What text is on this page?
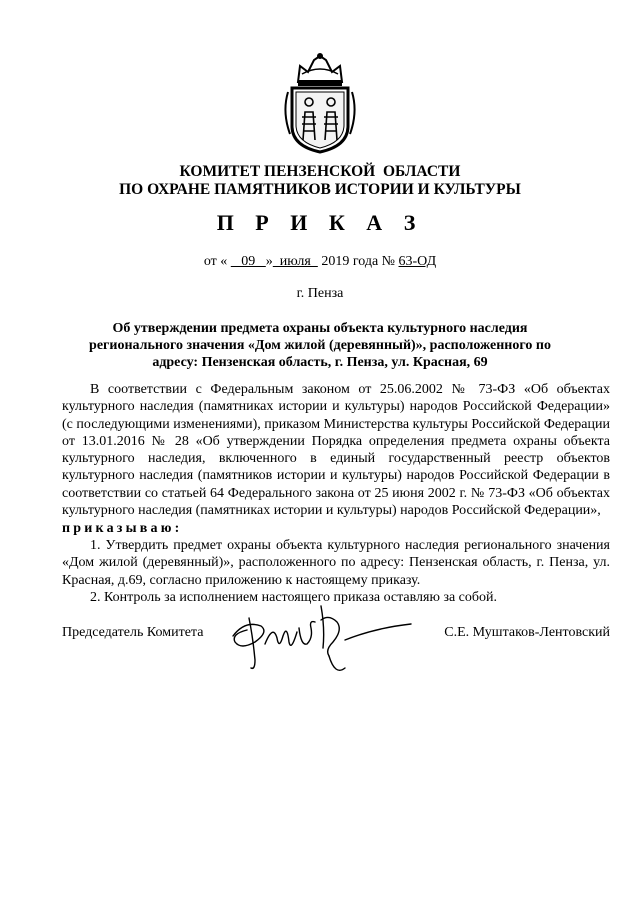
КОМИТЕТ ПЕНЗЕНСКОЙ  ОБЛАСТИ
ПО ОХРАНЕ ПАМЯТНИКОВ ИСТОРИИ И КУЛЬТУРЫ
П Р И К А З
от «    09   »  июля   2019 года № 63-ОД
г. Пенза
Об утверждении предмета охраны объекта культурного наследия регионального значения «Дом жилой (деревянный)», расположенного по адресу: Пензенская область, г. Пенза, ул. Красная, 69
В соответствии с Федеральным законом от 25.06.2002 № 73-ФЗ «Об объектах культурного наследия (памятниках истории и культуры) народов Российской Федерации» (с последующими изменениями), приказом Министерства культуры Российской Федерации от 13.01.2016 № 28 «Об утверждении Порядка определения предмета охраны объекта культурного наследия, включенного в единый государственный реестр объектов культурного наследия (памятников истории и культуры) народов Российской Федерации в соответствии со статьей 64 Федерального закона от 25 июня 2002 г. № 73-ФЗ «Об объектах культурного наследия (памятниках истории и культуры) народов Российской Федерации»,
приказываю:
1. Утвердить предмет охраны объекта культурного наследия регионального значения «Дом жилой (деревянный)», расположенного по адресу: Пензенская область, г. Пенза, ул. Красная, д.69, согласно приложению к настоящему приказу.
2. Контроль за исполнением настоящего приказа оставляю за собой.
Председатель Комитета	С.Е. Муштаков-Лентовский
